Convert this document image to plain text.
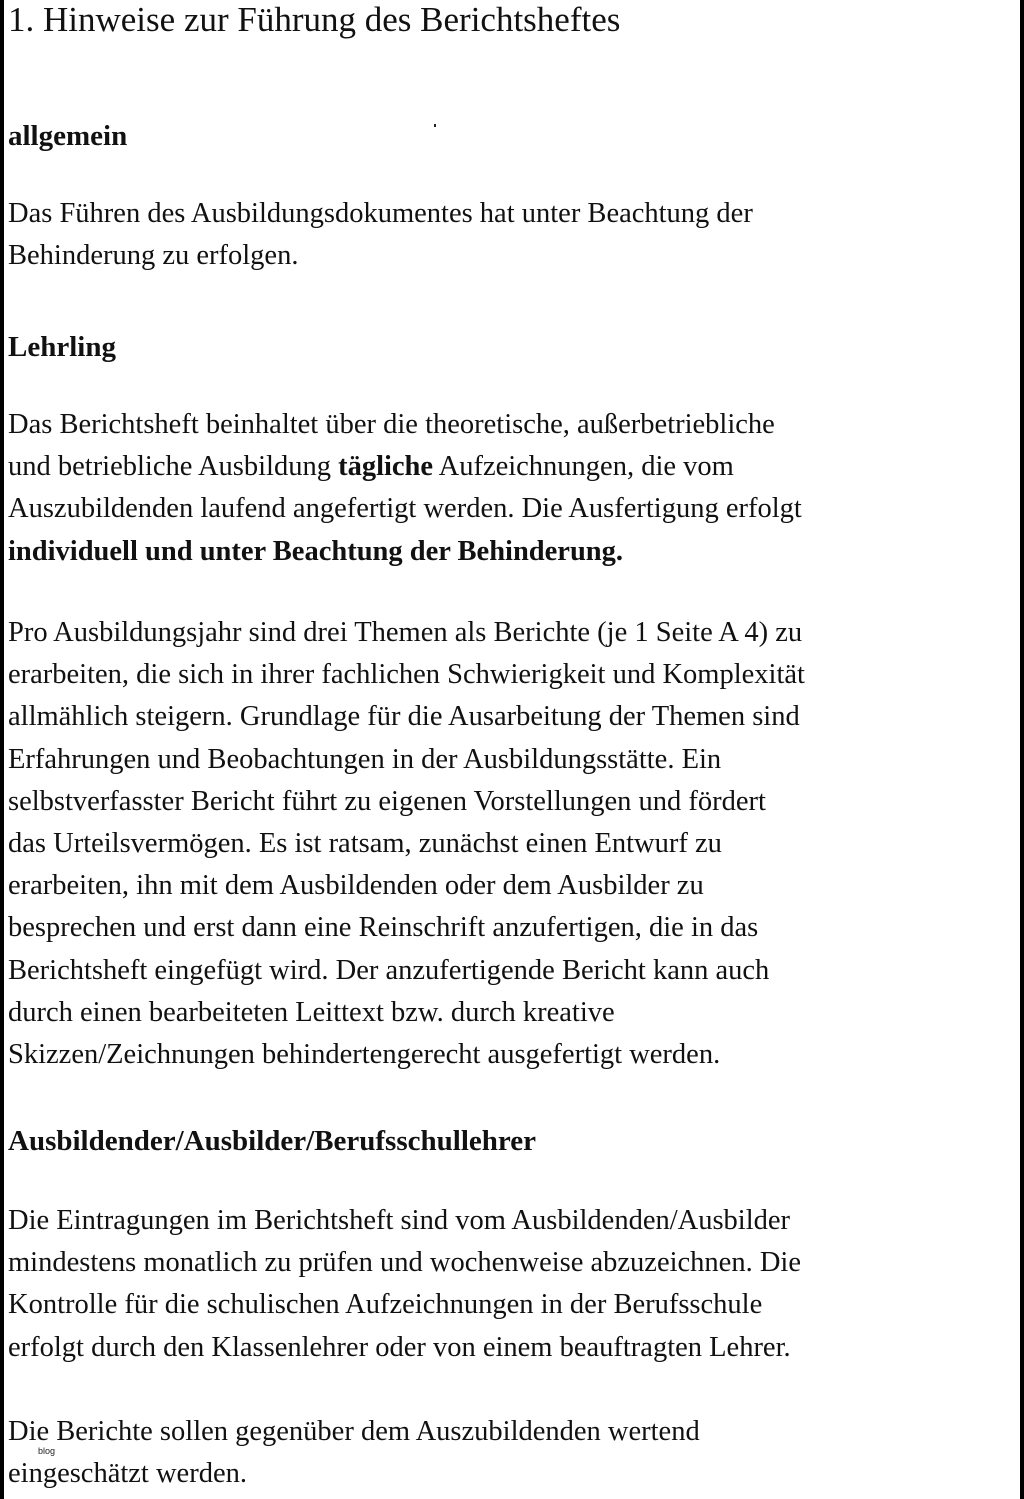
1. Hinweise zur Führung des Berichtsheftes
allgemein

Das Führen des Ausbildungsdokumentes hat unter Beachtung der
Behinderung zu erfolgen.

Lehrling

Das Berichtsheft beinhaltet über die theoretische, außerbetriebliche
und betriebliche Ausbildung tägliche Aufzeichnungen, die vom
Auszubildenden laufend angefertigt werden. Die Ausfertigung erfolgt
individuell und unter Beachtung der Behinderung.

Pro Ausbildungsjahr sind drei Themen als Berichte (je 1 Seite A 4) zu
erarbeiten, die sich in ihrer fachlichen Schwierigkeit und Komplexität
allmählich steigern. Grundlage für die Ausarbeitung der Themen sind
Erfahrungen und Beobachtungen in der Ausbildungsstätte. Ein
selbstverfasster Bericht führt zu eigenen Vorstellungen und fördert
das Urteilsvermögen. Es ist ratsam, zunächst einen Entwurf zu
erarbeiten, ihn mit dem Ausbildenden oder dem Ausbilder zu
besprechen und erst dann eine Reinschrift anzufertigen, die in das
Berichtsheft eingefügt wird. Der anzufertigende Bericht kann auch
durch einen bearbeiteten Leittext bzw. durch kreative
Skizzen/Zeichnungen behindertengerecht ausgefertigt werden.

Ausbildender/Ausbilder/Berufsschullehrer

Die Eintragungen im Berichtsheft sind vom Ausbildenden/Ausbilder
mindestens monatlich zu prüfen und wochenweise abzuzeichnen. Die
Kontrolle für die schulischen Aufzeichnungen in der Berufsschule
erfolgt durch den Klassenlehrer oder von einem beauftragten Lehrer.

Die Berichte sollen gegenüber dem Auszubildenden wertend
eingeschätzt werden.

blog
